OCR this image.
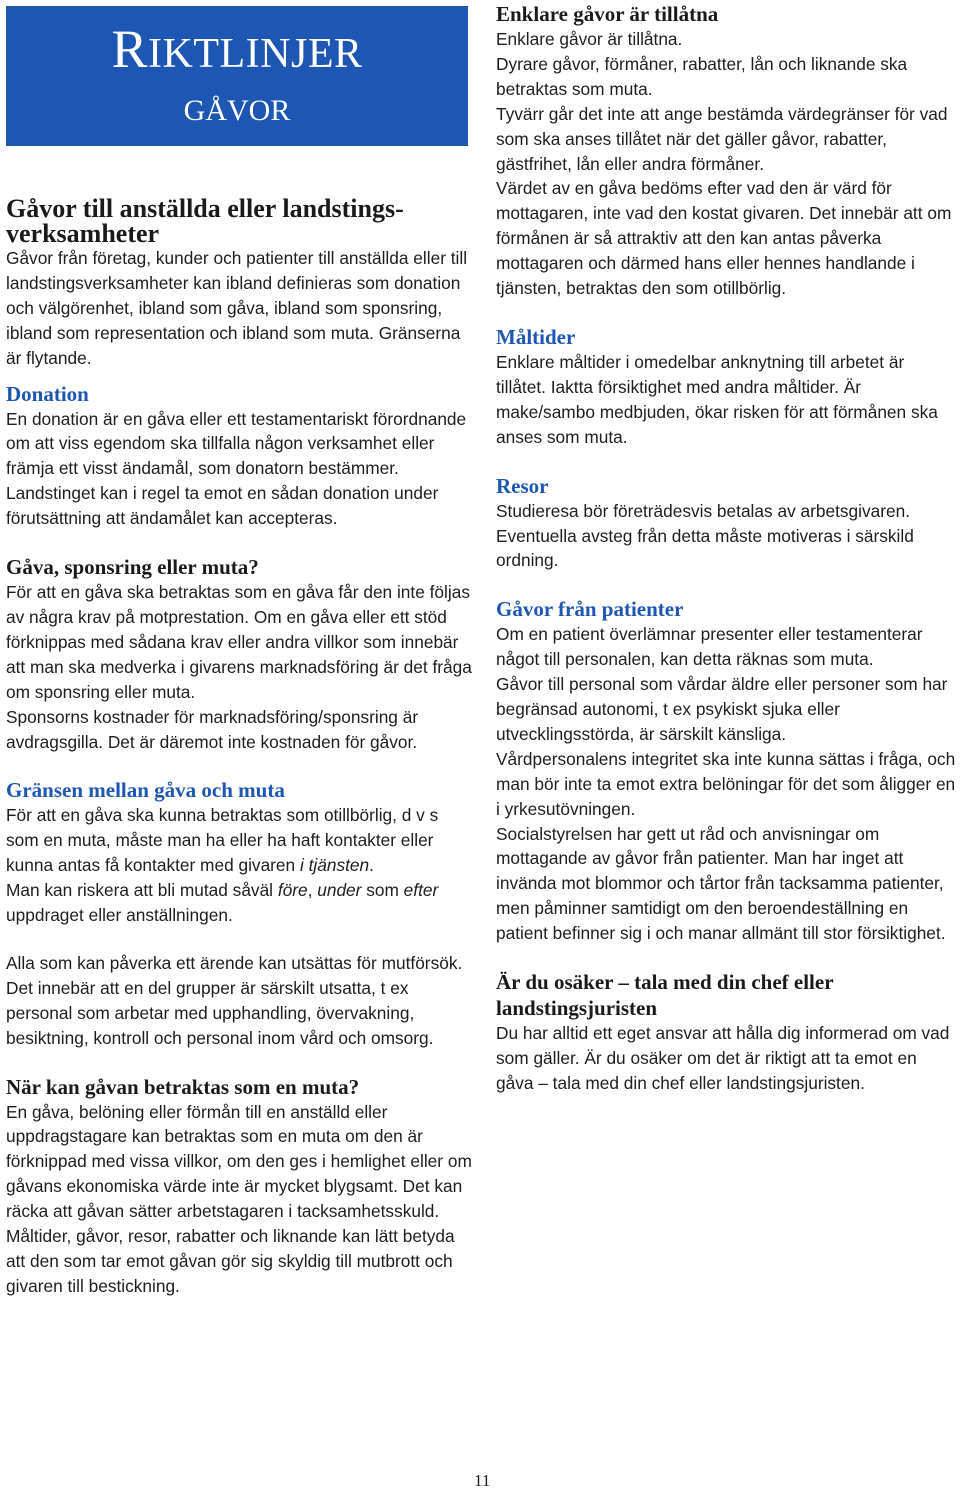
RIKTLINJER
GÅVOR
Gåvor till anställda eller landstings-
verksamheter

Gåvor från företag, kunder och patienter till anställda eller till landstingsverksamheter kan ibland definieras som donation och välgörenhet, ibland som gåva, ibland som sponsring, ibland som representation och ibland som muta. Gränserna är flytande.

Donation

En donation är en gåva eller ett testamentariskt förordnande om att viss egendom ska tillfalla någon verksamhet eller främja ett visst ändamål, som donatorn bestämmer.

Landstinget kan i regel ta emot en sådan donation under förutsättning att ändamålet kan accepteras.

Gåva, sponsring eller muta?

För att en gåva ska betraktas som en gåva får den inte följas av några krav på motprestation. Om en gåva eller ett stöd förknippas med sådana krav eller andra villkor som innebär att man ska medverka i givarens marknadsföring är det fråga om sponsring eller muta.

Sponsorns kostnader för marknadsföring/sponsring är avdragsgilla. Det är däremot inte kostnaden för gåvor.

Gränsen mellan gåva och muta

För att en gåva ska kunna betraktas som otillbörlig, d v s som en muta, måste man ha eller ha haft kontakter eller kunna antas få kontakter med givaren i tjänsten.

Man kan riskera att bli mutad såväl före, under som efter uppdraget eller anställningen.

Alla som kan påverka ett ärende kan utsättas för mutförsök. Det innebär att en del grupper är särskilt utsatta, t ex personal som arbetar med upphandling, övervakning, besiktning, kontroll och personal inom vård och omsorg.

När kan gåvan betraktas som en muta?

En gåva, belöning eller förmån till en anställd eller uppdragstagare kan betraktas som en muta om den är förknippad med vissa villkor, om den ges i hemlighet eller om gåvans ekonomiska värde inte är mycket blygsamt. Det kan räcka att gåvan sätter arbetstagaren i tacksamhetsskuld.

Måltider, gåvor, resor, rabatter och liknande kan lätt betyda att den som tar emot gåvan gör sig skyldig till mutbrott och givaren till bestickning.

Enklare gåvor är tillåtna

Enklare gåvor är tillåtna.

Dyrare gåvor, förmåner, rabatter, lån och liknande ska betraktas som muta.

Tyvärr går det inte att ange bestämda värdegränser för vad som ska anses tillåtet när det gäller gåvor, rabatter, gästfrihet, lån eller andra förmåner.

Värdet av en gåva bedöms efter vad den är värd för mottagaren, inte vad den kostat givaren. Det innebär att om förmånen är så attraktiv att den kan antas påverka mottagaren och därmed hans eller hennes handlande i tjänsten, betraktas den som otillbörlig.

Måltider

Enklare måltider i omedelbar anknytning till arbetet är tillåtet. Iaktta försiktighet med andra måltider. Är make/sambo medbjuden, ökar risken för att förmånen ska anses som muta.

Resor

Studieresa bör företrädesvis betalas av arbetsgivaren. Eventuella avsteg från detta måste motiveras i särskild ordning.

Gåvor från patienter

Om en patient överlämnar presenter eller testamenterar något till personalen, kan detta räknas som muta.

Gåvor till personal som vårdar äldre eller personer som har begränsad autonomi, t ex psykiskt sjuka eller utvecklingsstörda, är särskilt känsliga.

Vårdpersonalens integritet ska inte kunna sättas i fråga, och man bör inte ta emot extra belöningar för det som åligger en i yrkesutövningen.

Socialstyrelsen har gett ut råd och anvisningar om mottagande av gåvor från patienter. Man har inget att invända mot blommor och tårtor från tacksamma patienter, men påminner samtidigt om den beroendeställning en patient befinner sig i och manar allmänt till stor försiktighet.

Är du osäker – tala med din chef eller landstingsjuristen

Du har alltid ett eget ansvar att hålla dig informerad om vad som gäller. Är du osäker om det är riktigt att ta emot en gåva – tala med din chef eller landstingsjuristen.

11
